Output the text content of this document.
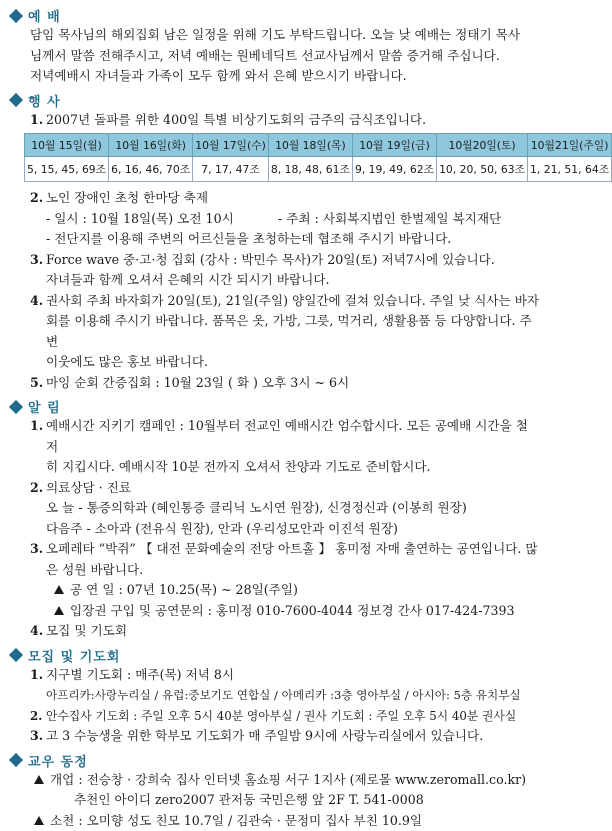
예 배

담임 목사님의 해외집회 남은 일정을 위해 기도 부탁드립니다. 오늘 낮 예배는 정태기 목사

님께서 말씀 전해주시고, 저녁 예배는 원베네딕트 선교사님께서 말씀 증거해 주십니다.

저녁예배시 자녀들과 가족이 모두 함께 와서 은혜 받으시기 바랍니다.

행 사
1. 2007년 돌파를 위한 400일 특별 비상기도회의 금주의 금식조입니다.
10월 15일(월)	10월 16일(화)	10월 17일(수)	10월 18일(목)	10월 19일(금)	10월20일(토)	10월21일(주일)
5, 15, 45, 69조	6, 16, 46, 70조	7, 17, 47조	8, 18, 48, 61조	9, 19, 49, 62조	10, 20, 50, 63조	1, 21, 51, 64조
2. 노인 장애인 초청 한마당 축제
- 일시 : 10월 18일(목) 오전 10시	- 주최 : 사회복지법인 한벌제일 복지재단
- 전단지를 이용해 주변의 어르신들을 초청하는데 협조해 주시기 바랍니다.
3. Force wave 중·고·청 집회 (강사 : 박민수 목사)가 20일(토) 저녁7시에 있습니다.
자녀들과 함께 오셔서 은혜의 시간 되시기 바랍니다.
4. 권사회 주최 바자회가 20일(토), 21일(주일) 양일간에 걸쳐 있습니다. 주일 낮 식사는 바자
회를 이용해 주시기 바랍니다. 품목은 옷, 가방, 그릇, 먹거리, 생활용품 등 다양합니다. 주변
이웃에도 많은 홍보 바랍니다.
5. 마잉 순회 간증집회 : 10월 23일 ( 화 ) 오후 3시 ~ 6시
알 림
1. 예배시간 지키기 캠페인 : 10월부터 전교인 예배시간 엄수합시다. 모든 공예배 시간을 철저
히 지킵시다. 예배시작 10분 전까지 오셔서 찬양과 기도로 준비합시다.
2. 의료상담 · 진료
오 늘 - 통증의학과 (혜인통증 클리닉 노시연 원장), 신경정신과 (이봉희 원장)
다음주 - 소아과 (전유식 원장), 안과 (우리성모안과 이진석 원장)
3. 오페레타 “박쥐” 【 대전 문화예술의 전당 아트홀 】 홍미정 자매 출연하는 공연입니다. 많
은 성원 바랍니다.
공 연 일 : 07년 10.25(목) ~ 28일(주일)
입장권 구입 및 공연문의 : 홍미정 010-7600-4044 정보경 간사 017-424-7393
4. 모집 및 기도회
모집 및 기도회
1. 지구별 기도회 : 매주(목) 저녁 8시
아프리카:사랑누리실 / 유럽:중보기도 연합실 / 아메리카 :3층 영아부실 / 아시아: 5층 유치부실
2. 안수집사 기도회 : 주일 오후 5시 40분 영아부실 / 권사 기도회 : 주일 오후 5시 40분 권사실
3. 고 3 수능생을 위한 학부모 기도회가 매 주일밤 9시에 사랑누리실에서 있습니다.
교우 동정
개업 : 전승창 · 강희숙 집사 인터넷 홈쇼핑 서구 1지사 (제로몰 www.zeromall.co.kr)
추천인 아이디 zero2007 관저동 국민은행 앞 2F T. 541-0008
소천 : 오미향 성도 친모 10.7일 / 김관숙 · 문정미 집사 부친 10.9일
